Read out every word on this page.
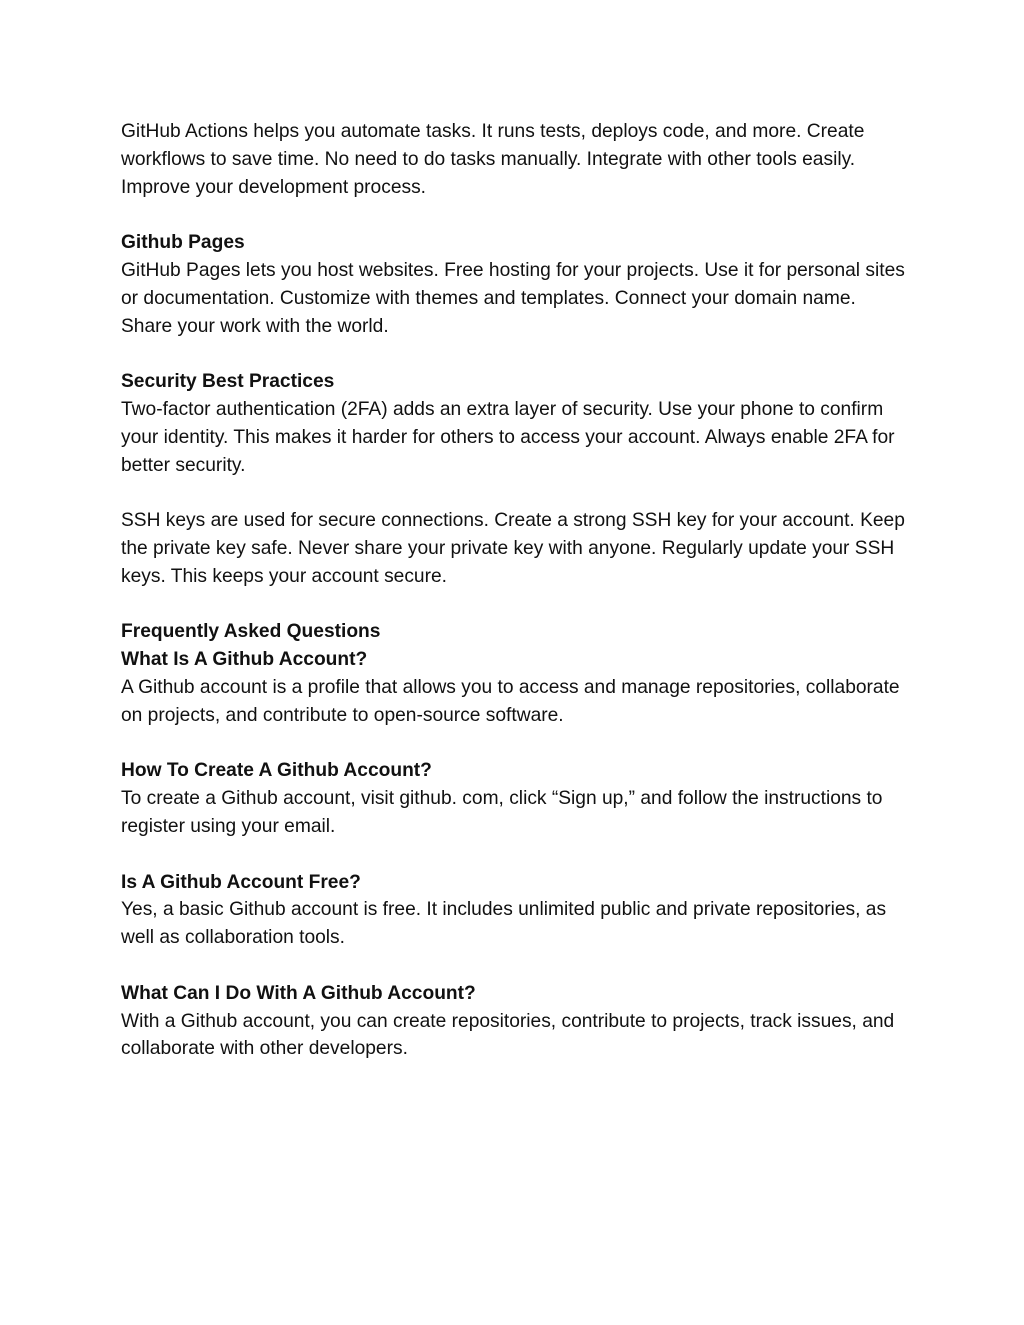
GitHub Actions helps you automate tasks. It runs tests, deploys code, and more. Create workflows to save time. No need to do tasks manually. Integrate with other tools easily. Improve your development process.

Github Pages

GitHub Pages lets you host websites. Free hosting for your projects. Use it for personal sites or documentation. Customize with themes and templates. Connect your domain name. Share your work with the world.

Security Best Practices

Two-factor authentication (2FA) adds an extra layer of security. Use your phone to confirm your identity. This makes it harder for others to access your account. Always enable 2FA for better security.

SSH keys are used for secure connections. Create a strong SSH key for your account. Keep the private key safe. Never share your private key with anyone. Regularly update your SSH keys. This keeps your account secure.

Frequently Asked Questions

What Is A Github Account?

A Github account is a profile that allows you to access and manage repositories, collaborate on projects, and contribute to open-source software.

How To Create A Github Account?

To create a Github account, visit github. com, click “Sign up,” and follow the instructions to register using your email.

Is A Github Account Free?

Yes, a basic Github account is free. It includes unlimited public and private repositories, as well as collaboration tools.

What Can I Do With A Github Account?

With a Github account, you can create repositories, contribute to projects, track issues, and collaborate with other developers.
